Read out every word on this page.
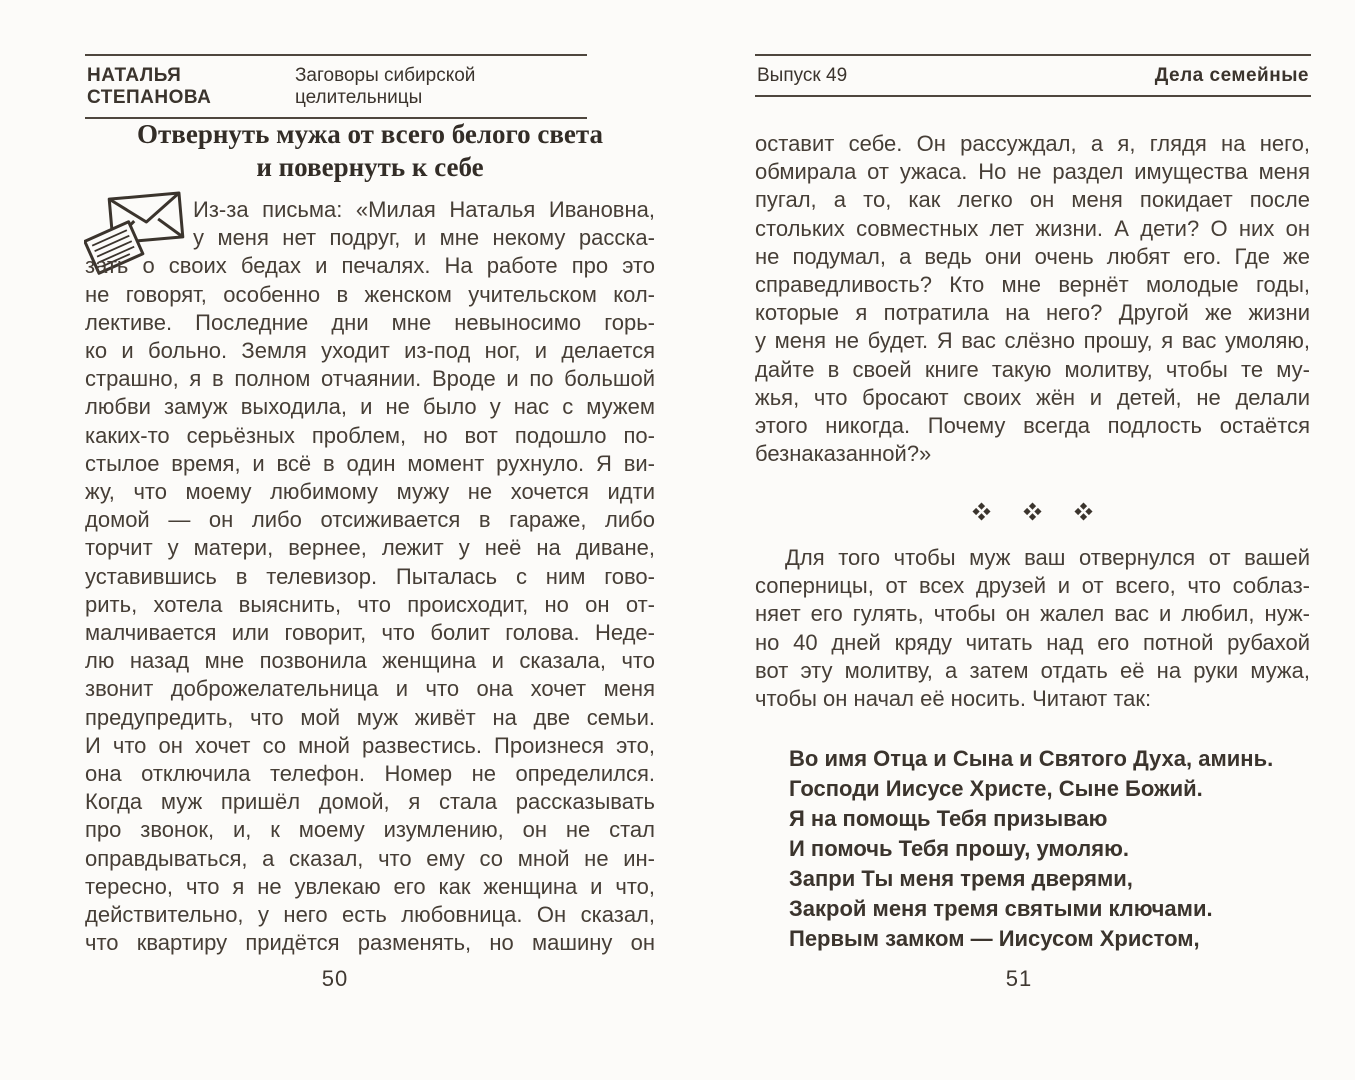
НАТАЛЬЯ СТЕПАНОВА
Заговоры сибирской целительницы
Выпуск 49	Дела семейные
Отвернуть мужа от всего белого света
и повернуть к себе
Из-за письма: «Милая Наталья Ивановна,
у меня нет подруг, и мне некому расска-
зать о своих бедах и печалях. На работе про это
не говорят, особенно в женском учительском кол-
лективе. Последние дни мне невыносимо горь-
ко и больно. Земля уходит из-под ног, и делается
страшно, я в полном отчаянии. Вроде и по большой
любви замуж выходила, и не было у нас с мужем
каких-то серьёзных проблем, но вот подошло по-
стылое время, и всё в один момент рухнуло. Я ви-
жу, что моему любимому мужу не хочется идти
домой — он либо отсиживается в гараже, либо
торчит у матери, вернее, лежит у неё на диване,
уставившись в телевизор. Пыталась с ним гово-
рить, хотела выяснить, что происходит, но он от-
малчивается или говорит, что болит голова. Неде-
лю назад мне позвонила женщина и сказала, что
звонит доброжелательница и что она хочет меня
предупредить, что мой муж живёт на две семьи.
И что он хочет со мной развестись. Произнеся это,
она отключила телефон. Номер не определился.
Когда муж пришёл домой, я стала рассказывать
про звонок, и, к моему изумлению, он не стал
оправдываться, а сказал, что ему со мной не ин-
тересно, что я не увлекаю его как женщина и что,
действительно, у него есть любовница. Он сказал,
что квартиру придётся разменять, но машину он
оставит себе. Он рассуждал, а я, глядя на него,
обмирала от ужаса. Но не раздел имущества меня
пугал, а то, как легко он меня покидает после
стольких совместных лет жизни. А дети? О них он
не подумал, а ведь они очень любят его. Где же
справедливость? Кто мне вернёт молодые годы,
которые я потратила на него? Другой же жизни
у меня не будет. Я вас слёзно прошу, я вас умоляю,
дайте в своей книге такую молитву, чтобы те му-
жья, что бросают своих жён и детей, не делали
этого никогда. Почему всегда подлость остаётся
безнаказанной?»
Для того чтобы муж ваш отвернулся от вашей
соперницы, от всех друзей и от всего, что соблаз-
няет его гулять, чтобы он жалел вас и любил, нуж-
но 40 дней кряду читать над его потной рубахой
вот эту молитву, а затем отдать её на руки мужа,
чтобы он начал её носить. Читают так:
Во имя Отца и Сына и Святого Духа, аминь.
Господи Иисусе Христе, Сыне Божий.
Я на помощь Тебя призываю
И помочь Тебя прошу, умоляю.
Запри Ты меня тремя дверями,
Закрой меня тремя святыми ключами.
Первым замком — Иисусом Христом,
50	51
